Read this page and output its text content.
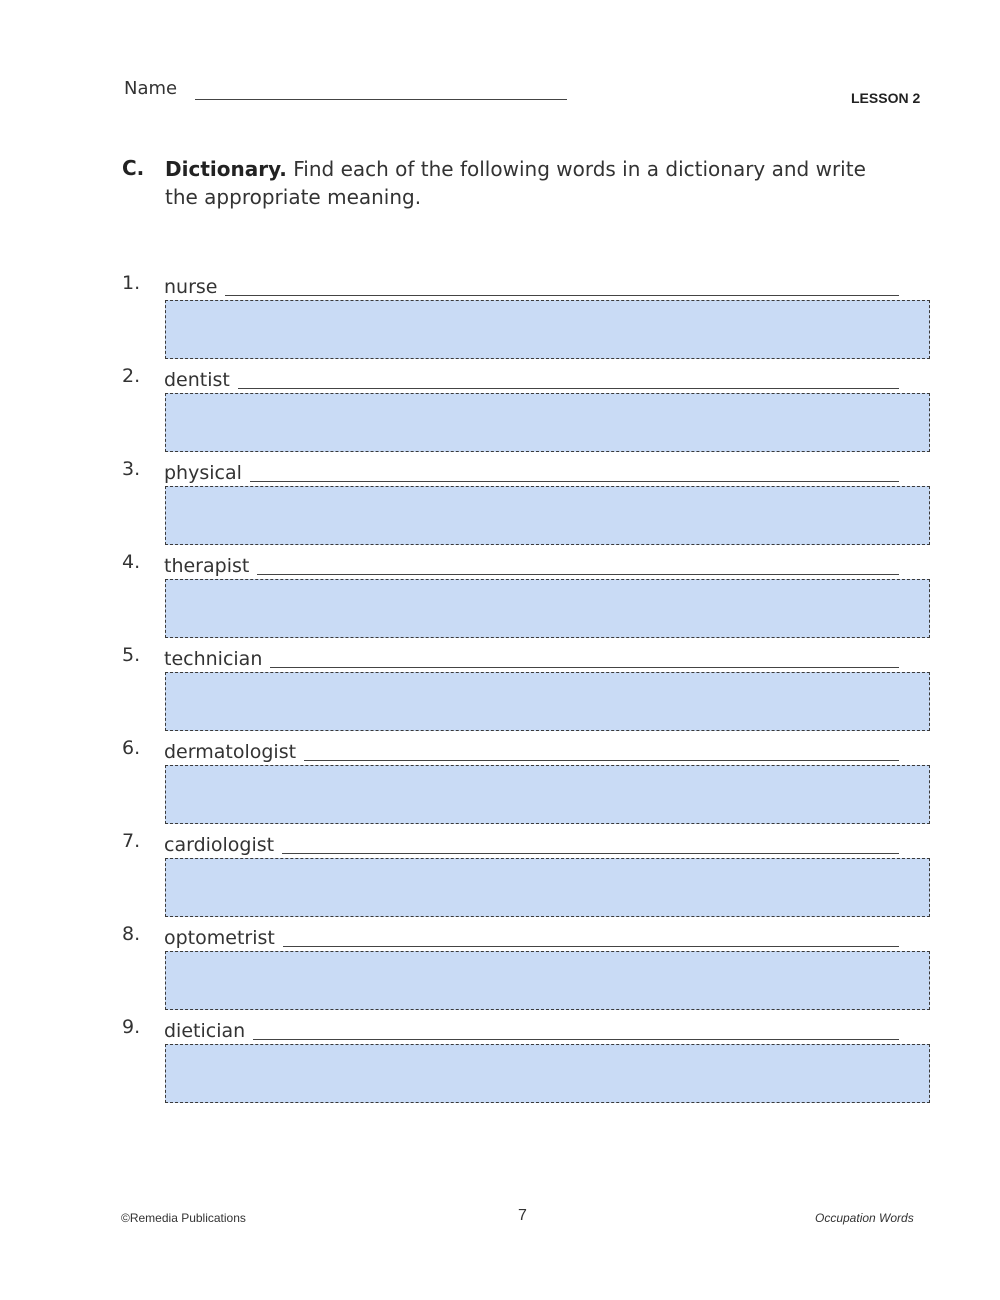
Name	LESSON 2
C. Dictionary. Find each of the following words in a dictionary and write the appropriate meaning.
1. nurse
2. dentist
3. physical
4. therapist
5. technician
6. dermatologist
7. cardiologist
8. optometrist
9. dietician
©Remedia Publications	7	Occupation Words
